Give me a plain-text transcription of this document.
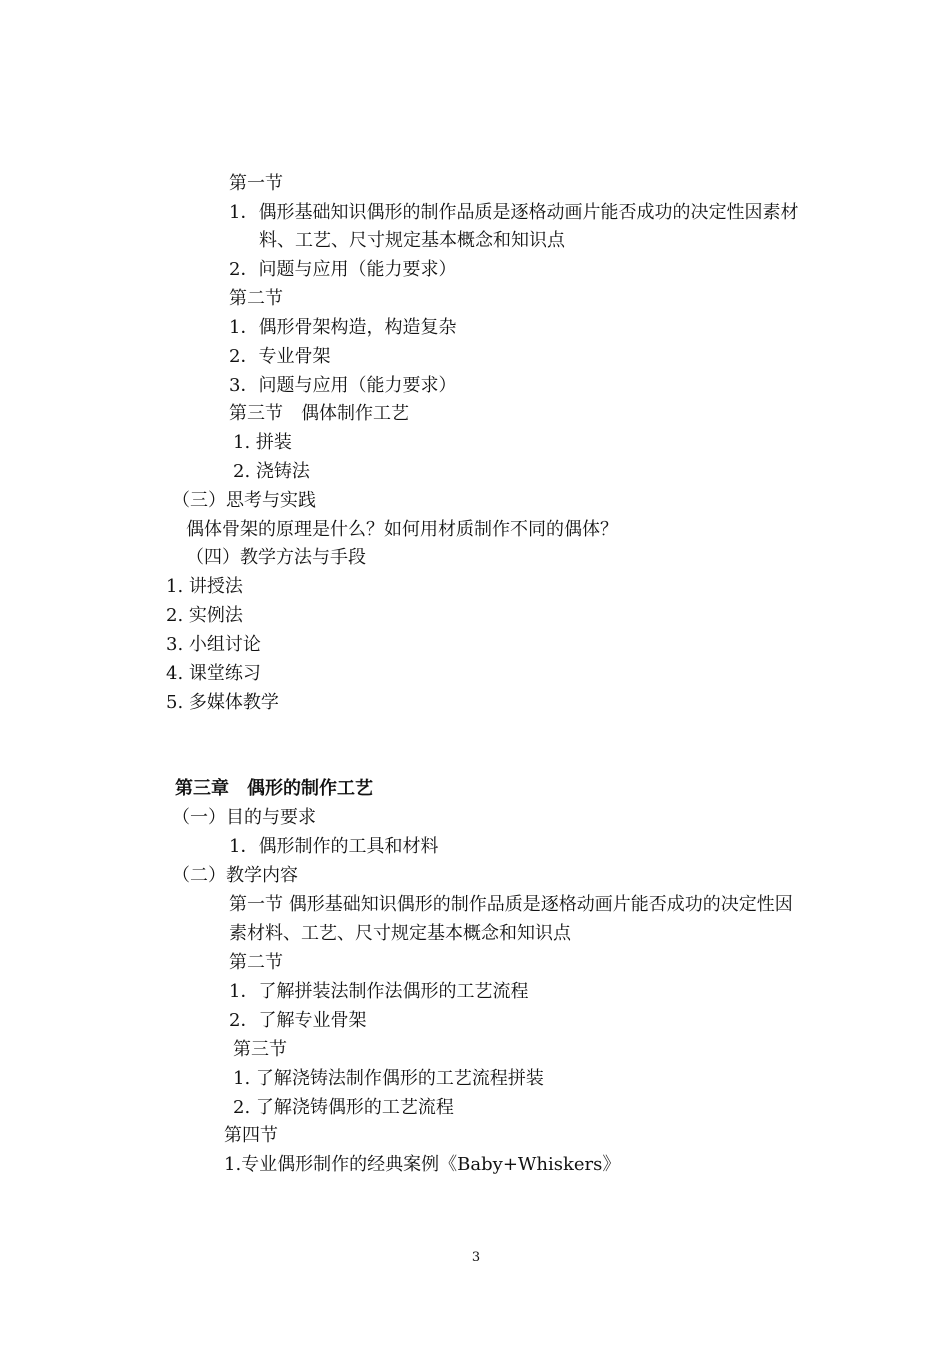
第一节
1．偶形基础知识偶形的制作品质是逐格动画片能否成功的决定性因素材
料、工艺、尺寸规定基本概念和知识点
2．问题与应用（能力要求）
第二节
1．偶形骨架构造，构造复杂
2．专业骨架
3．问题与应用（能力要求）
第三节　偶体制作工艺
1. 拼装
2. 浇铸法
（三）思考与实践
偶体骨架的原理是什么？如何用材质制作不同的偶体？
（四）教学方法与手段
1. 讲授法
2. 实例法
3. 小组讨论
4. 课堂练习
5. 多媒体教学
第三章　偶形的制作工艺
（一）目的与要求
1．偶形制作的工具和材料
（二）教学内容
第一节 偶形基础知识偶形的制作品质是逐格动画片能否成功的决定性因
素材料、工艺、尺寸规定基本概念和知识点
第二节
1．了解拼装法制作法偶形的工艺流程
2．了解专业骨架
第三节
1. 了解浇铸法制作偶形的工艺流程拼装
2. 了解浇铸偶形的工艺流程
第四节
1.专业偶形制作的经典案例《Baby+Whiskers》
3
